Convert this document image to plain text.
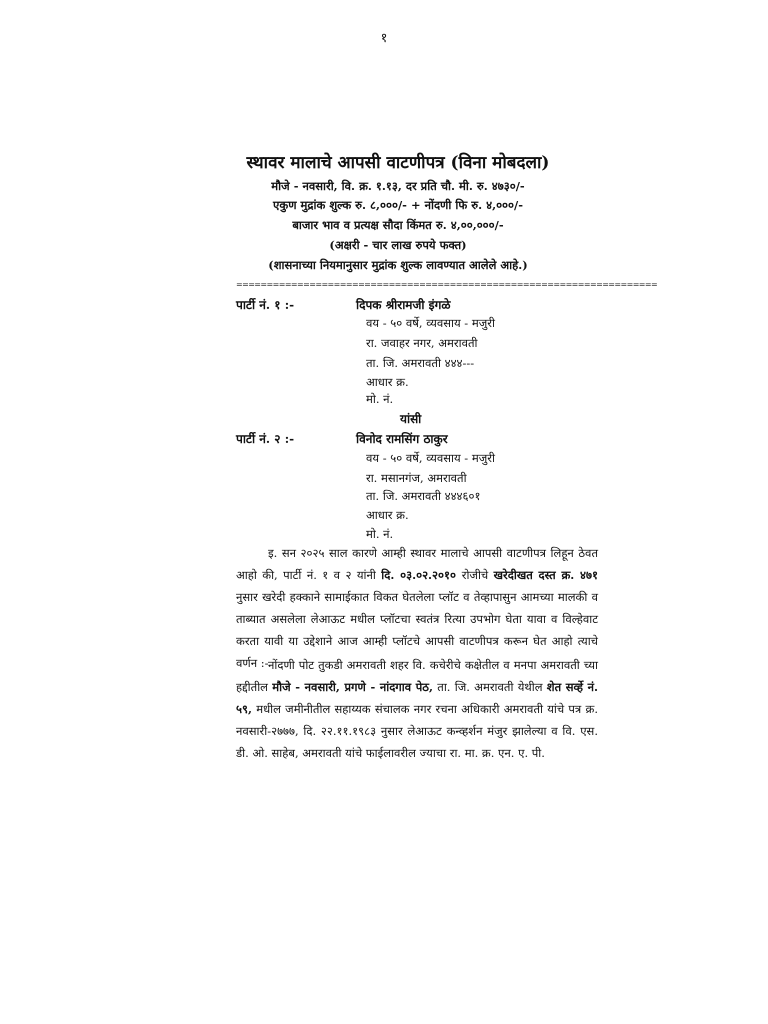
१
स्थावर मालाचे आपसी वाटणीपत्र (विना मोबदला)
मौजे - नवसारी, वि. क्र. १.१३, दर प्रति चौ. मी. रु. ४७३०/-
एकुण मुद्रांक शुल्क रु. ८,०००/- + नोंदणी फि रु. ४,०००/-
बाजार भाव व प्रत्यक्ष सौदा किंमत रु. ४,००,०००/-
(अक्षरी - चार लाख रुपये फक्त)
(शासनाच्या नियमानुसार मुद्रांक शुल्क लावण्यात आलेले आहे.)
=====================================================================
पार्टी नं. १ :-	दिपक श्रीरामजी इंगळे
वय - ५० वर्षे, व्यवसाय - मजुरी
रा. जवाहर नगर, अमरावती
ता. जि. अमरावती ४४४---
आधार क्र.
मो. नं.
यांसी
पार्टी नं. २ :-	विनोद रामसिंग ठाकुर
वय - ५० वर्षे, व्यवसाय - मजुरी
रा. मसानगंज, अमरावती
ता. जि. अमरावती ४४४६०१
आधार क्र.
मो. नं.
इ. सन २०२५ साल कारणे आम्ही स्थावर मालाचे आपसी वाटणीपत्र लिहून ठेवत आहो की, पार्टी नं. १ व २ यांनी दि. ०३.०२.२०१० रोजीचे खरेदीखत दस्त क्र. ४७१ नुसार खरेदी हक्काने सामाईकात विकत घेतलेला प्लॉट व तेव्हापासुन आमच्या मालकी व ताब्यात असलेला लेआऊट मधील प्लॉटचा स्वतंत्र रित्या उपभोग घेता यावा व विल्हेवाट करता यावी या उद्देशाने आज आम्ही प्लॉटचे आपसी वाटणीपत्र करून घेत आहो त्याचे वर्णन :- नोंदणी पोट तुकडी अमरावती शहर वि. कचेरीचे कक्षेतील व मनपा अमरावती च्या हद्दीतील मौजे - नवसारी, प्रगणे - नांदगाव पेठ, ता. जि. अमरावती येथील शेत सर्व्हे नं. ५९, मधील जमीनीतील सहाय्यक संचालक नगर रचना अधिकारी अमरावती यांचे पत्र क्र. नवसारी-२७७७, दि. २२.११.१९८३ नुसार लेआऊट कन्व्हर्शन मंजुर झालेल्या व वि. एस. डी. ओ. साहेब, अमरावती यांचे फाईलावरील ज्याचा रा. मा. क्र. एन. ए. पी.
